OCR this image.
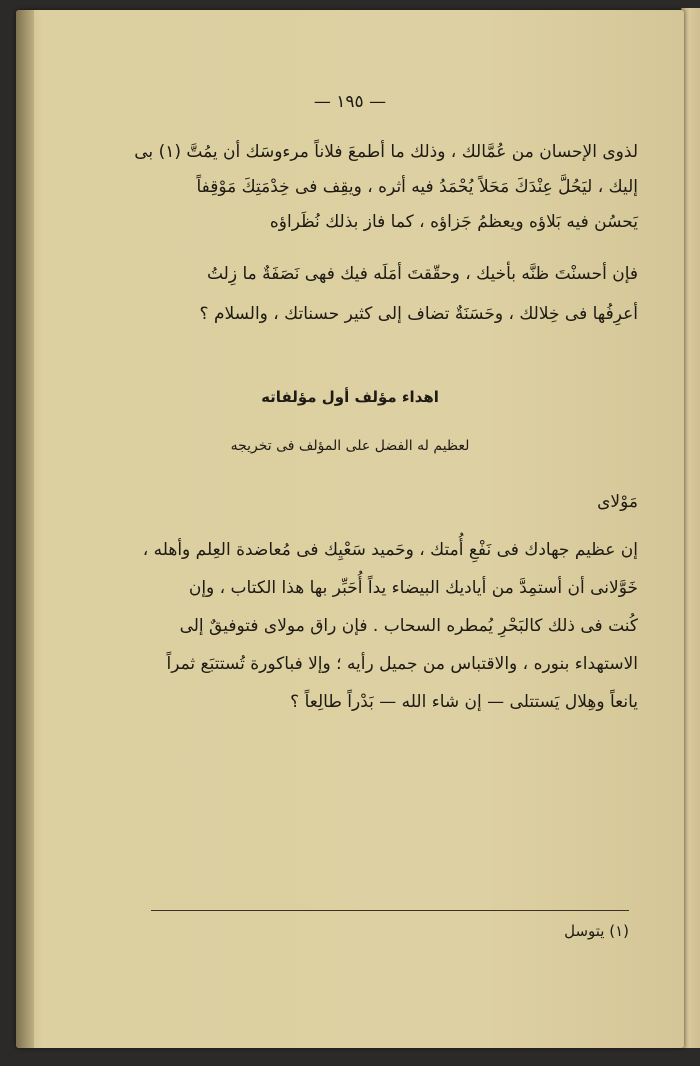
— ١٩٥ —
لذوى الإحسان من عُمَّالك ، وذلك ما أطمعَ فلاناً مرءوسَك أن يمُتَّ (١) بى
إليك ، ليَحُلَّ عِنْدَكَ مَحَلاً يُحْمَدُ فيه أثره ، ويقِف فى خِدْمَتِكَ مَوْقِفاً
يَحسُن فيه بَلاؤه ويعظمُ جَزاؤه ، كما فاز بذلك نُظَراؤه
فإن أحسنْتَ ظنَّه بأخيك ، وحقّقتَ أمَلَه فيك فهى نَصَفَةٌ ما زِلتُ
أعرِفُها فى خِلالك ، وحَسَنَةٌ تضاف إلى كثير حسناتك ، والسلام ؟
اهداء مؤلف أول مؤلفاته
لعظيم له الفضل على المؤلف فى تخريجه
مَوْلاى
إن عظيم جهادك فى نَفْعِ أُمتك ، وحَميد سَعْيِك فى مُعاضدة العِلم وأهله ،
خَوَّلانى أن أستمِدَّ من أياديك البيضاء يداً أُحَبِّر بها هذا الكتاب ، وإن
كُنت فى ذلك كالبَحْرِ يُمطره السحاب . فإن راق مولاى فتوفيقٌ إلى
الاستهداء بنوره ، والاقتباس من جميل رأيه ؛ وإلا فباكورة تُستتبَع ثمراً
يانعاً وهِلال يَستتلى — إن شاء الله — بَدْراً طالِعاً ؟
(١) يتوسل
